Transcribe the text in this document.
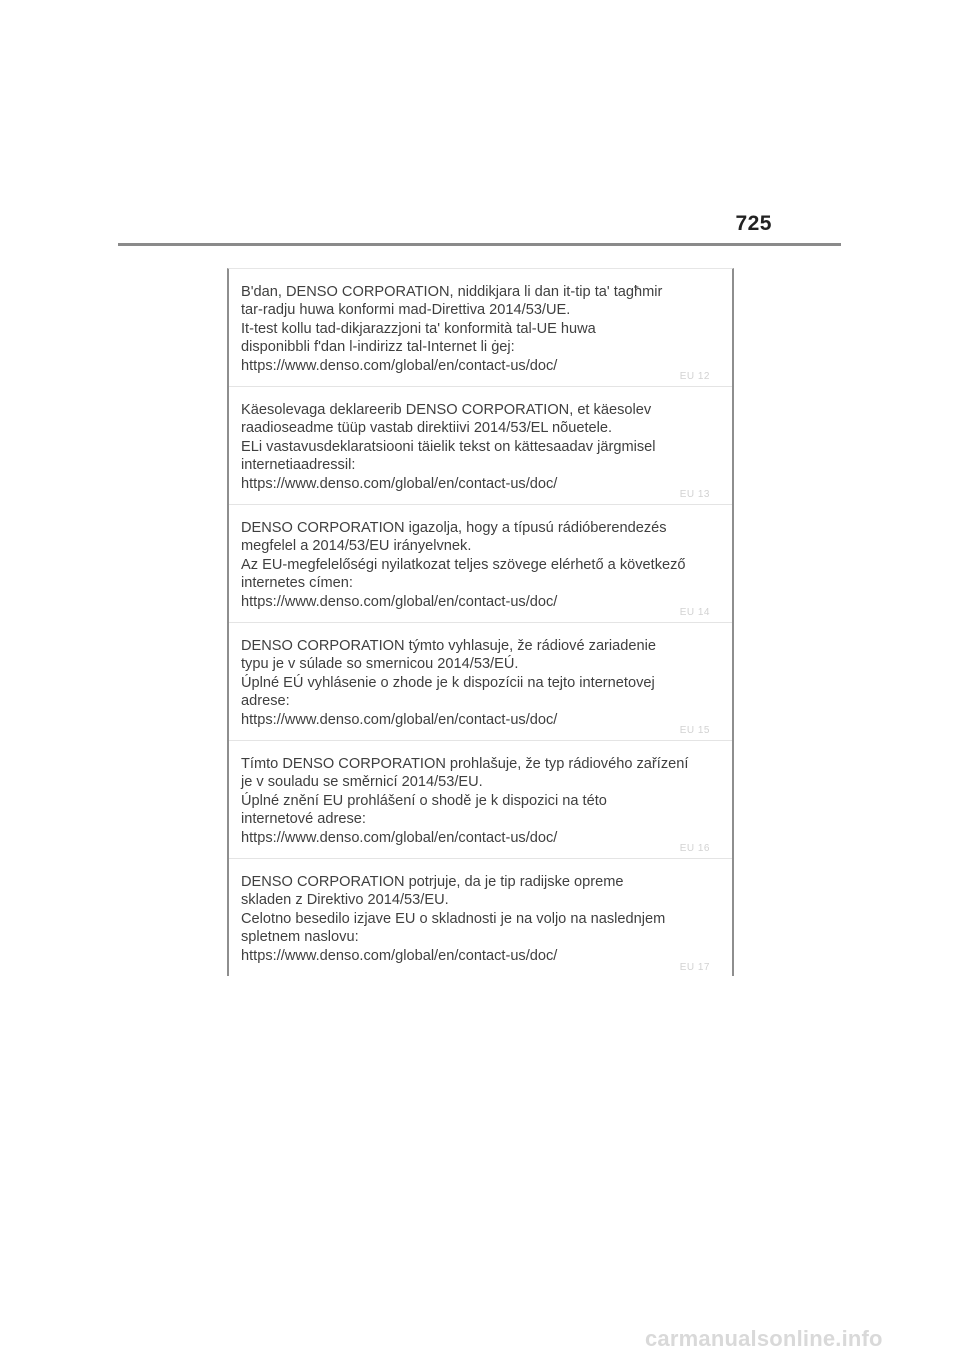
725
B'dan, DENSO CORPORATION, niddikjara li dan it-tip ta' tagħmir
tar-radju huwa konformi mad-Direttiva 2014/53/UE.
It-test kollu tad-dikjarazzjoni ta' konformità tal-UE huwa
disponibbli f'dan l-indirizz tal-Internet li ġej:
https://www.denso.com/global/en/contact-us/doc/
EU 12
Käesolevaga deklareerib DENSO CORPORATION, et käesolev
raadioseadme tüüp vastab direktiivi 2014/53/EL nõuetele.
ELi vastavusdeklaratsiooni täielik tekst on kättesaadav järgmisel
internetiaadressil:
https://www.denso.com/global/en/contact-us/doc/
EU 13
DENSO CORPORATION igazolja, hogy a típusú rádióberendezés
megfelel a 2014/53/EU irányelvnek.
Az EU-megfelelőségi nyilatkozat teljes szövege elérhető a következő
internetes címen:
https://www.denso.com/global/en/contact-us/doc/
EU 14
DENSO CORPORATION týmto vyhlasuje, že rádiové zariadenie
typu je v súlade so smernicou 2014/53/EÚ.
Úplné EÚ vyhlásenie o zhode je k dispozícii na tejto internetovej
adrese:
https://www.denso.com/global/en/contact-us/doc/
EU 15
Tímto DENSO CORPORATION prohlašuje, že typ rádiového zařízení
je v souladu se směrnicí 2014/53/EU.
Úplné znění EU prohlášení o shodě je k dispozici na této
internetové adrese:
https://www.denso.com/global/en/contact-us/doc/
EU 16
DENSO CORPORATION potrjuje, da je tip radijske opreme
skladen z Direktivo 2014/53/EU.
Celotno besedilo izjave EU o skladnosti je na voljo na naslednjem
spletnem naslovu:
https://www.denso.com/global/en/contact-us/doc/
EU 17
carmanualsonline.info
